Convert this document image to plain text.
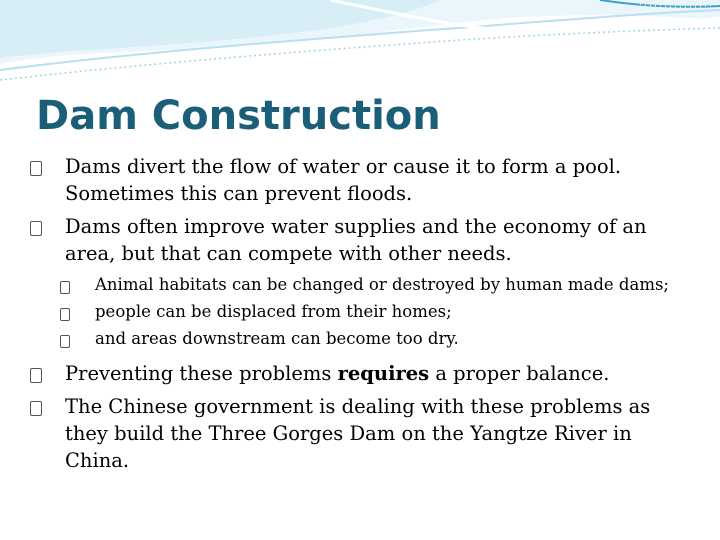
Dam Construction
Dams divert the flow of water or cause it to form a pool. Sometimes this can prevent floods.
Dams often improve water supplies and the economy of an area, but that can compete with other needs.
Animal habitats can be changed or destroyed by human made dams;
people can be displaced from their homes;
and areas downstream can become too dry.
Preventing these problems requires a proper balance.
The Chinese government is dealing with these problems as they build the Three Gorges Dam on the Yangtze River in China.
